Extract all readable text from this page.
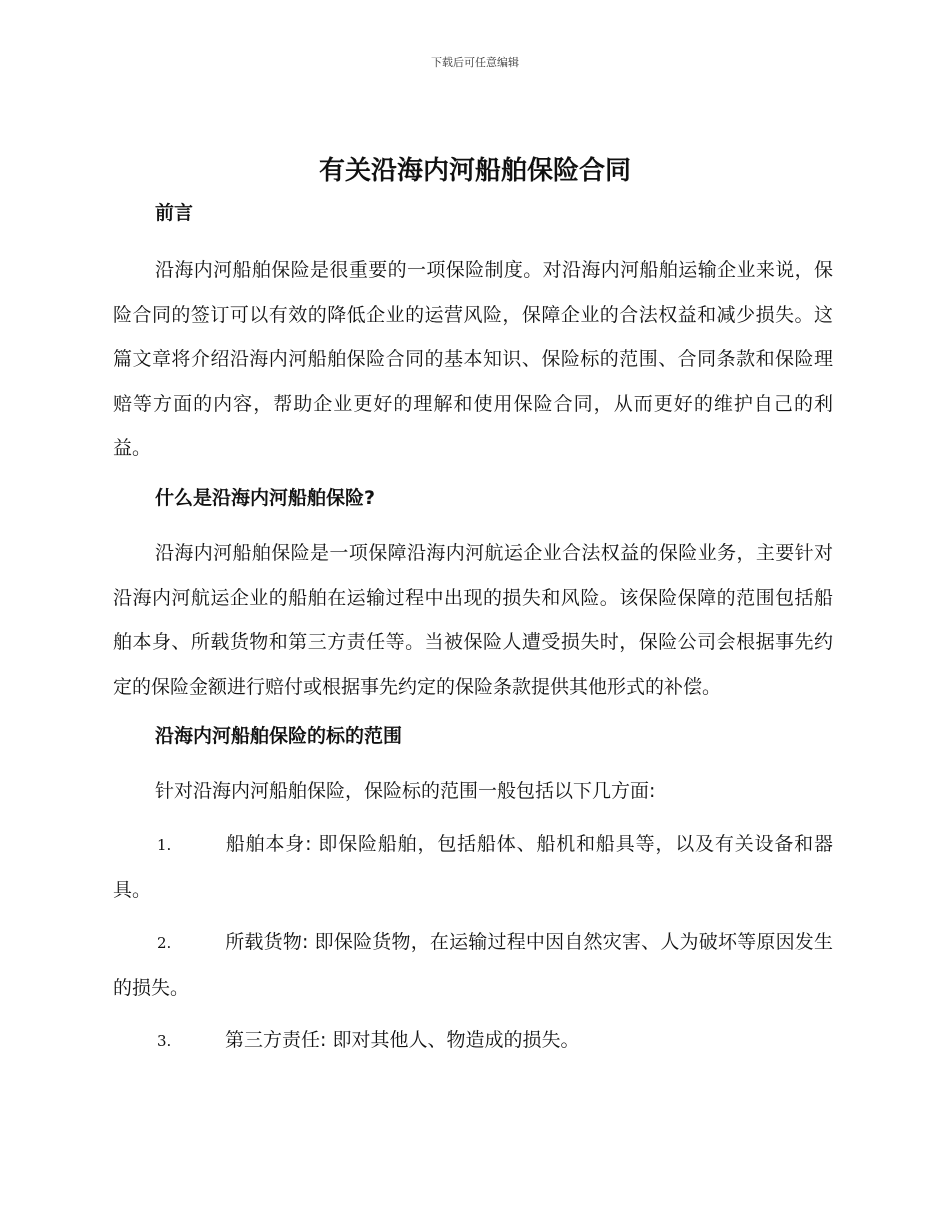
下载后可任意编辑
有关沿海内河船舶保险合同
前言

沿海内河船舶保险是很重要的一项保险制度。对沿海内河船舶运输企业来说，保险合同的签订可以有效的降低企业的运营风险，保障企业的合法权益和减少损失。这篇文章将介绍沿海内河船舶保险合同的基本知识、保险标的范围、合同条款和保险理赔等方面的内容，帮助企业更好的理解和使用保险合同，从而更好的维护自己的利益。

什么是沿海内河船舶保险?

沿海内河船舶保险是一项保障沿海内河航运企业合法权益的保险业务，主要针对沿海内河航运企业的船舶在运输过程中出现的损失和风险。该保险保障的范围包括船舶本身、所载货物和第三方责任等。当被保险人遭受损失时，保险公司会根据事先约定的保险金额进行赔付或根据事先约定的保险条款提供其他形式的补偿。

沿海内河船舶保险的标的范围

针对沿海内河船舶保险，保险标的范围一般包括以下几方面:

1.	船舶本身: 即保险船舶，包括船体、船机和船具等，以及有关设备和器具。

2.	所载货物: 即保险货物，在运输过程中因自然灾害、人为破坏等原因发生的损失。

3.	第三方责任: 即对其他人、物造成的损失。
